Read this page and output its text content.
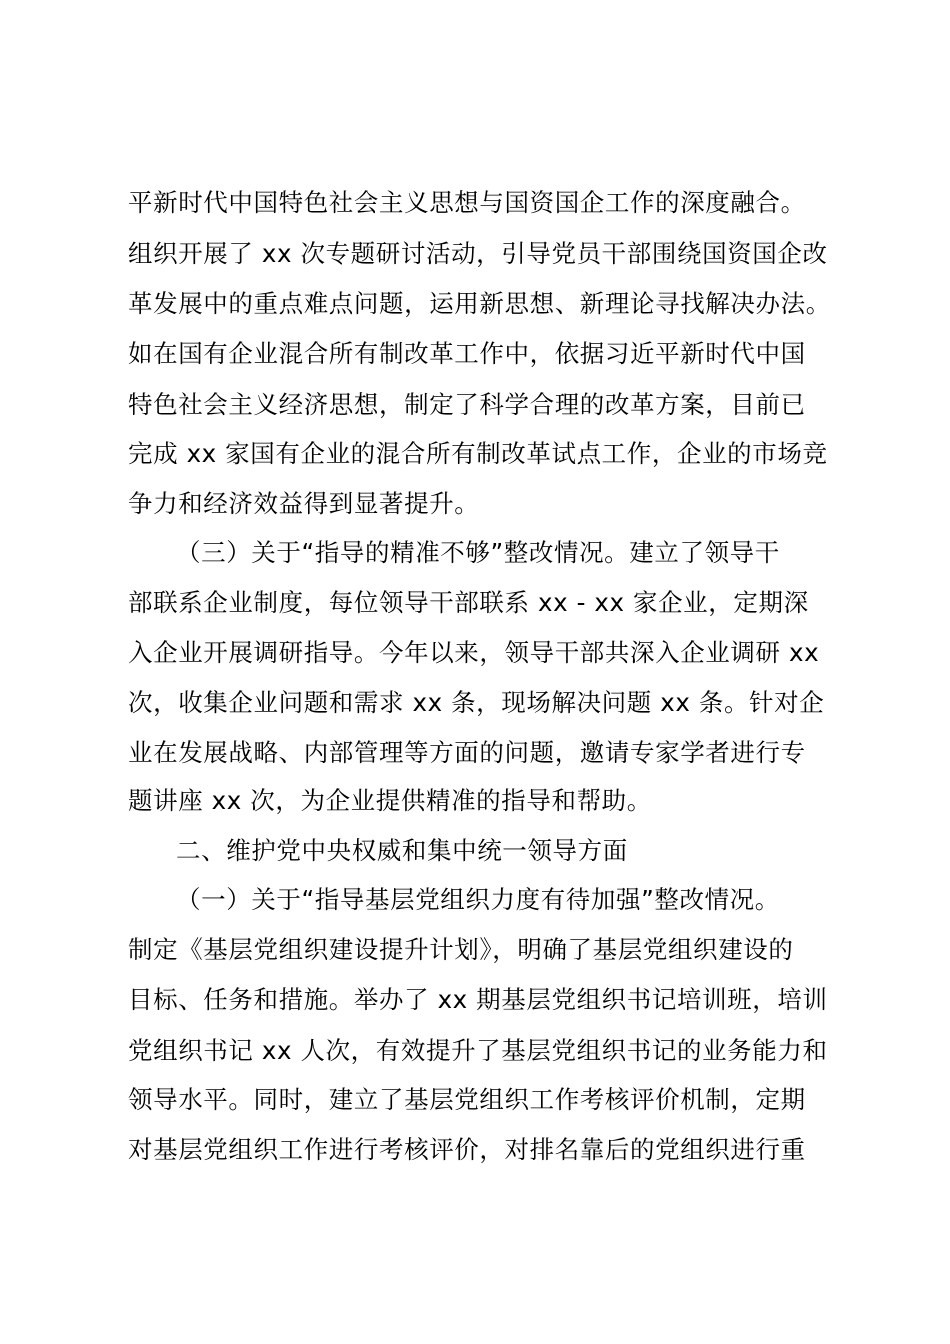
平新时代中国特色社会主义思想与国资国企工作的深度融合。
组织开展了 xx 次专题研讨活动，引导党员干部围绕国资国企改
革发展中的重点难点问题，运用新思想、新理论寻找解决办法。
如在国有企业混合所有制改革工作中，依据习近平新时代中国
特色社会主义经济思想，制定了科学合理的改革方案，目前已
完成 xx 家国有企业的混合所有制改革试点工作，企业的市场竞
争力和经济效益得到显著提升。
（三）关于“指导的精准不够”整改情况。建立了领导干
部联系企业制度，每位领导干部联系 xx - xx 家企业，定期深
入企业开展调研指导。今年以来，领导干部共深入企业调研 xx
次，收集企业问题和需求 xx 条，现场解决问题 xx 条。针对企
业在发展战略、内部管理等方面的问题，邀请专家学者进行专
题讲座 xx 次，为企业提供精准的指导和帮助。
二、维护党中央权威和集中统一领导方面
（一）关于“指导基层党组织力度有待加强”整改情况。
制定《基层党组织建设提升计划》，明确了基层党组织建设的
目标、任务和措施。举办了 xx 期基层党组织书记培训班，培训
党组织书记 xx 人次，有效提升了基层党组织书记的业务能力和
领导水平。同时，建立了基层党组织工作考核评价机制，定期
对基层党组织工作进行考核评价，对排名靠后的党组织进行重
